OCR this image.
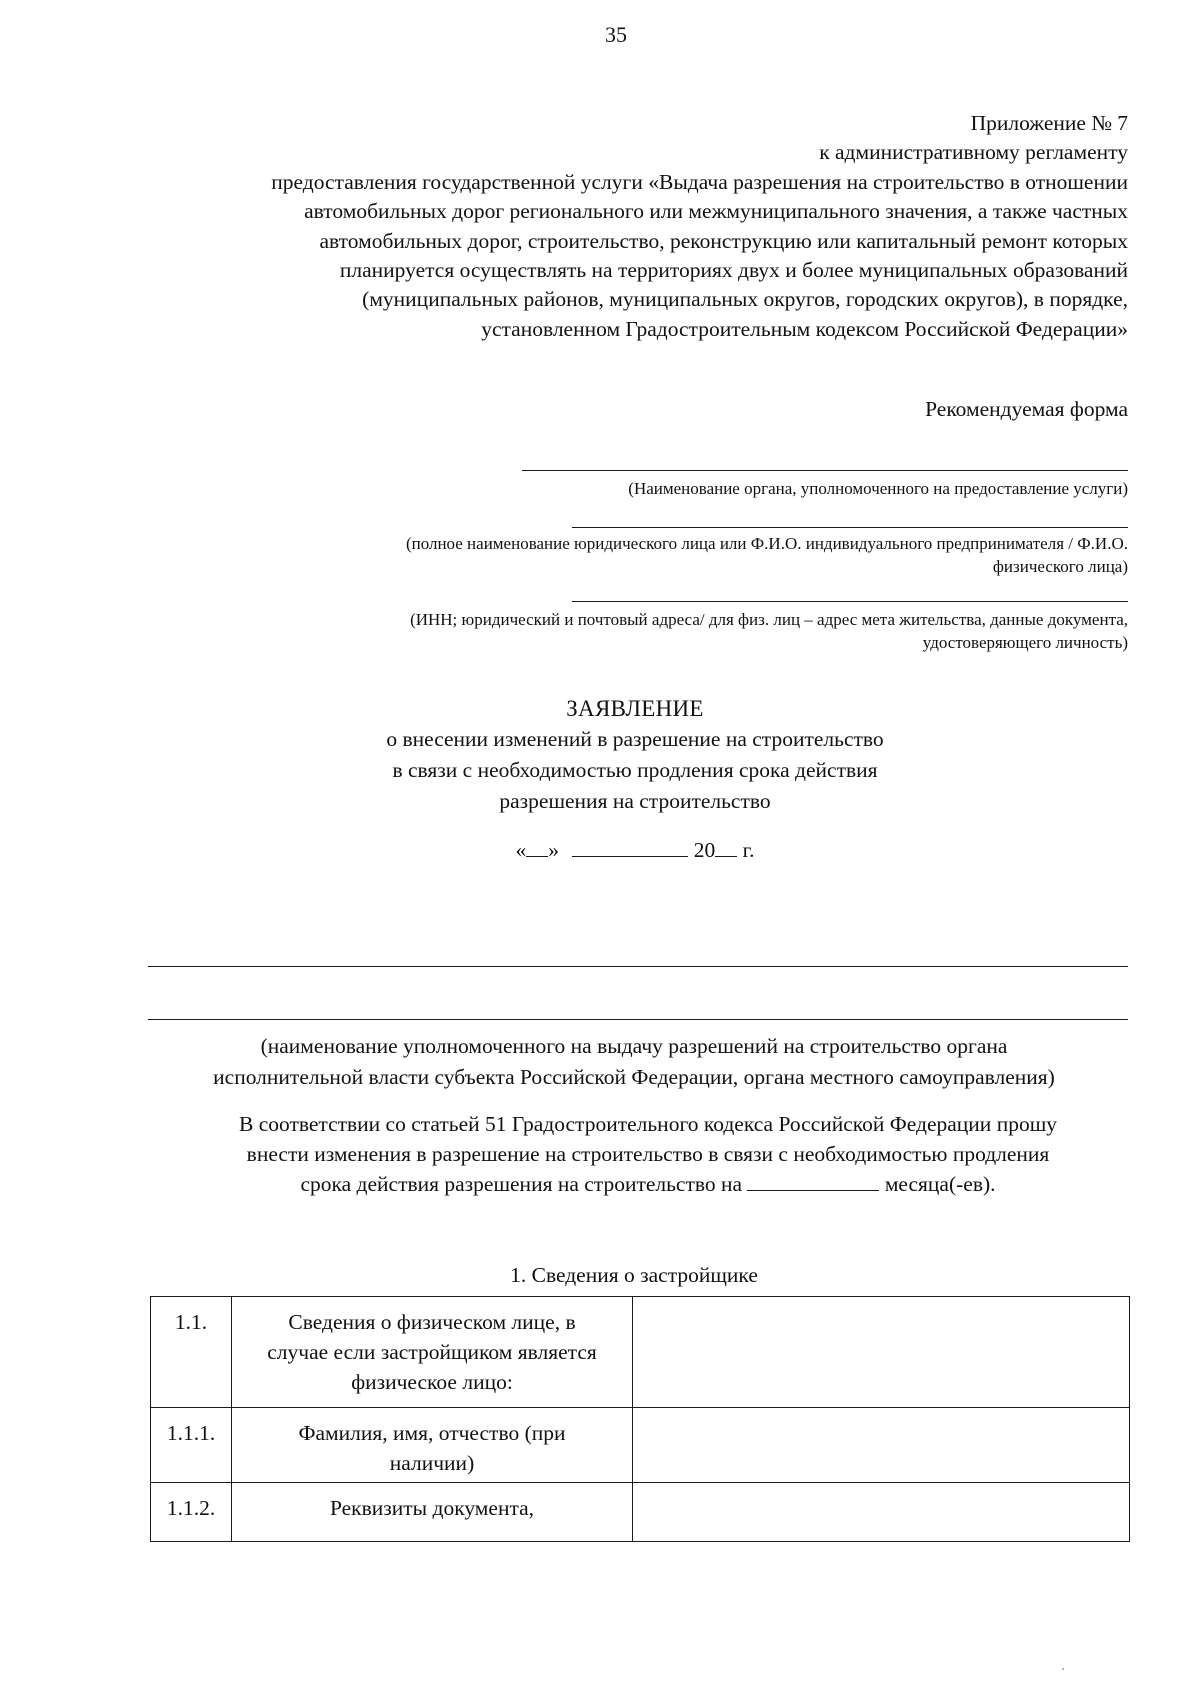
35
Приложение № 7
к административному регламенту
предоставления государственной услуги «Выдача разрешения на строительство в отношении
автомобильных дорог регионального или межмуниципального значения, а также частных
автомобильных дорог, строительство, реконструкцию или капитальный ремонт которых
планируется осуществлять на территориях двух и более муниципальных образований
(муниципальных районов, муниципальных округов, городских округов), в порядке,
установленном Градостроительным кодексом Российской Федерации»
Рекомендуемая форма
(Наименование органа, уполномоченного на предоставление услуги)
(полное наименование юридического лица или Ф.И.О. индивидуального предпринимателя / Ф.И.О.
физического лица)
(ИНН; юридический и почтовый адреса/ для физ. лиц – адрес мета жительства, данные документа,
удостоверяющего личность)
ЗАЯВЛЕНИЕ
о внесении изменений в разрешение на строительство
в связи с необходимостью продления срока действия
разрешения на строительство
« »	20 г.
(наименование уполномоченного на выдачу разрешений на строительство органа
исполнительной власти субъекта Российской Федерации, органа местного самоуправления)
В соответствии со статьей 51 Градостроительного кодекса Российской Федерации прошу
внести изменения в разрешение на строительство в связи с необходимостью продления
срока действия разрешения на строительство на	месяца(-ев).
1. Сведения о застройщике
1.1.	Сведения о физическом лице, в
случае если застройщиком является
физическое лицо:	

1.1.1.	Фамилия, имя, отчество (при
наличии)	

1.1.2.	Реквизиты документа,	
